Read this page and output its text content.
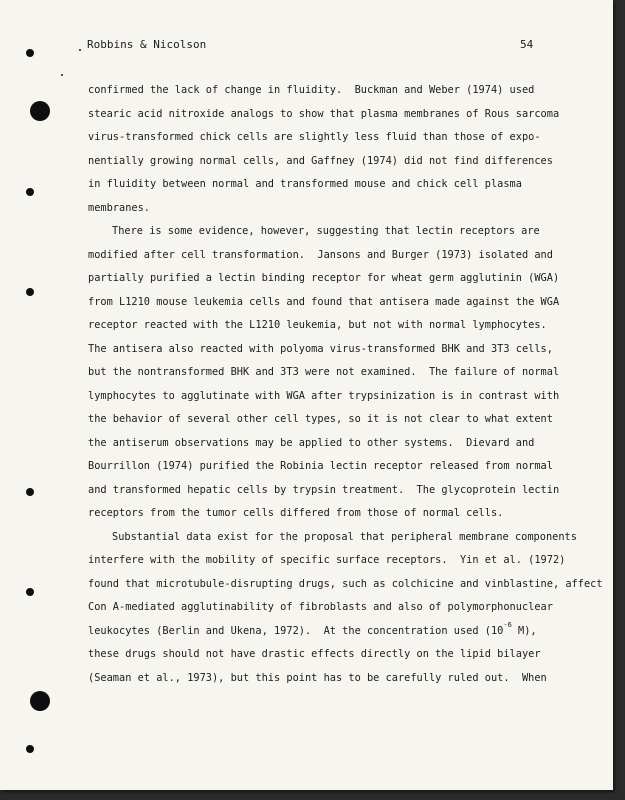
Robbins & Nicolson	54
confirmed the lack of change in fluidity.  Buckman and Weber (1974) used
stearic acid nitroxide analogs to show that plasma membranes of Rous sarcoma
virus-transformed chick cells are slightly less fluid than those of expo-
nentially growing normal cells, and Gaffney (1974) did not find differences
in fluidity between normal and transformed mouse and chick cell plasma
membranes.
There is some evidence, however, suggesting that lectin receptors are
modified after cell transformation.  Jansons and Burger (1973) isolated and
partially purified a lectin binding receptor for wheat germ agglutinin (WGA)
from L1210 mouse leukemia cells and found that antisera made against the WGA
receptor reacted with the L1210 leukemia, but not with normal lymphocytes.
The antisera also reacted with polyoma virus-transformed BHK and 3T3 cells,
but the nontransformed BHK and 3T3 were not examined.  The failure of normal
lymphocytes to agglutinate with WGA after trypsinization is in contrast with
the behavior of several other cell types, so it is not clear to what extent
the antiserum observations may be applied to other systems.  Dievard and
Bourrillon (1974) purified the Robinia lectin receptor released from normal
and transformed hepatic cells by trypsin treatment.  The glycoprotein lectin
receptors from the tumor cells differed from those of normal cells.
Substantial data exist for the proposal that peripheral membrane components
interfere with the mobility of specific surface receptors.  Yin et al. (1972)
found that microtubule-disrupting drugs, such as colchicine and vinblastine, affect
Con A-mediated agglutinability of fibroblasts and also of polymorphonuclear
leukocytes (Berlin and Ukena, 1972).  At the concentration used ($10^{-6}$ M),
these drugs should not have drastic effects directly on the lipid bilayer
(Seaman et al., 1973), but this point has to be carefully ruled out.  When
